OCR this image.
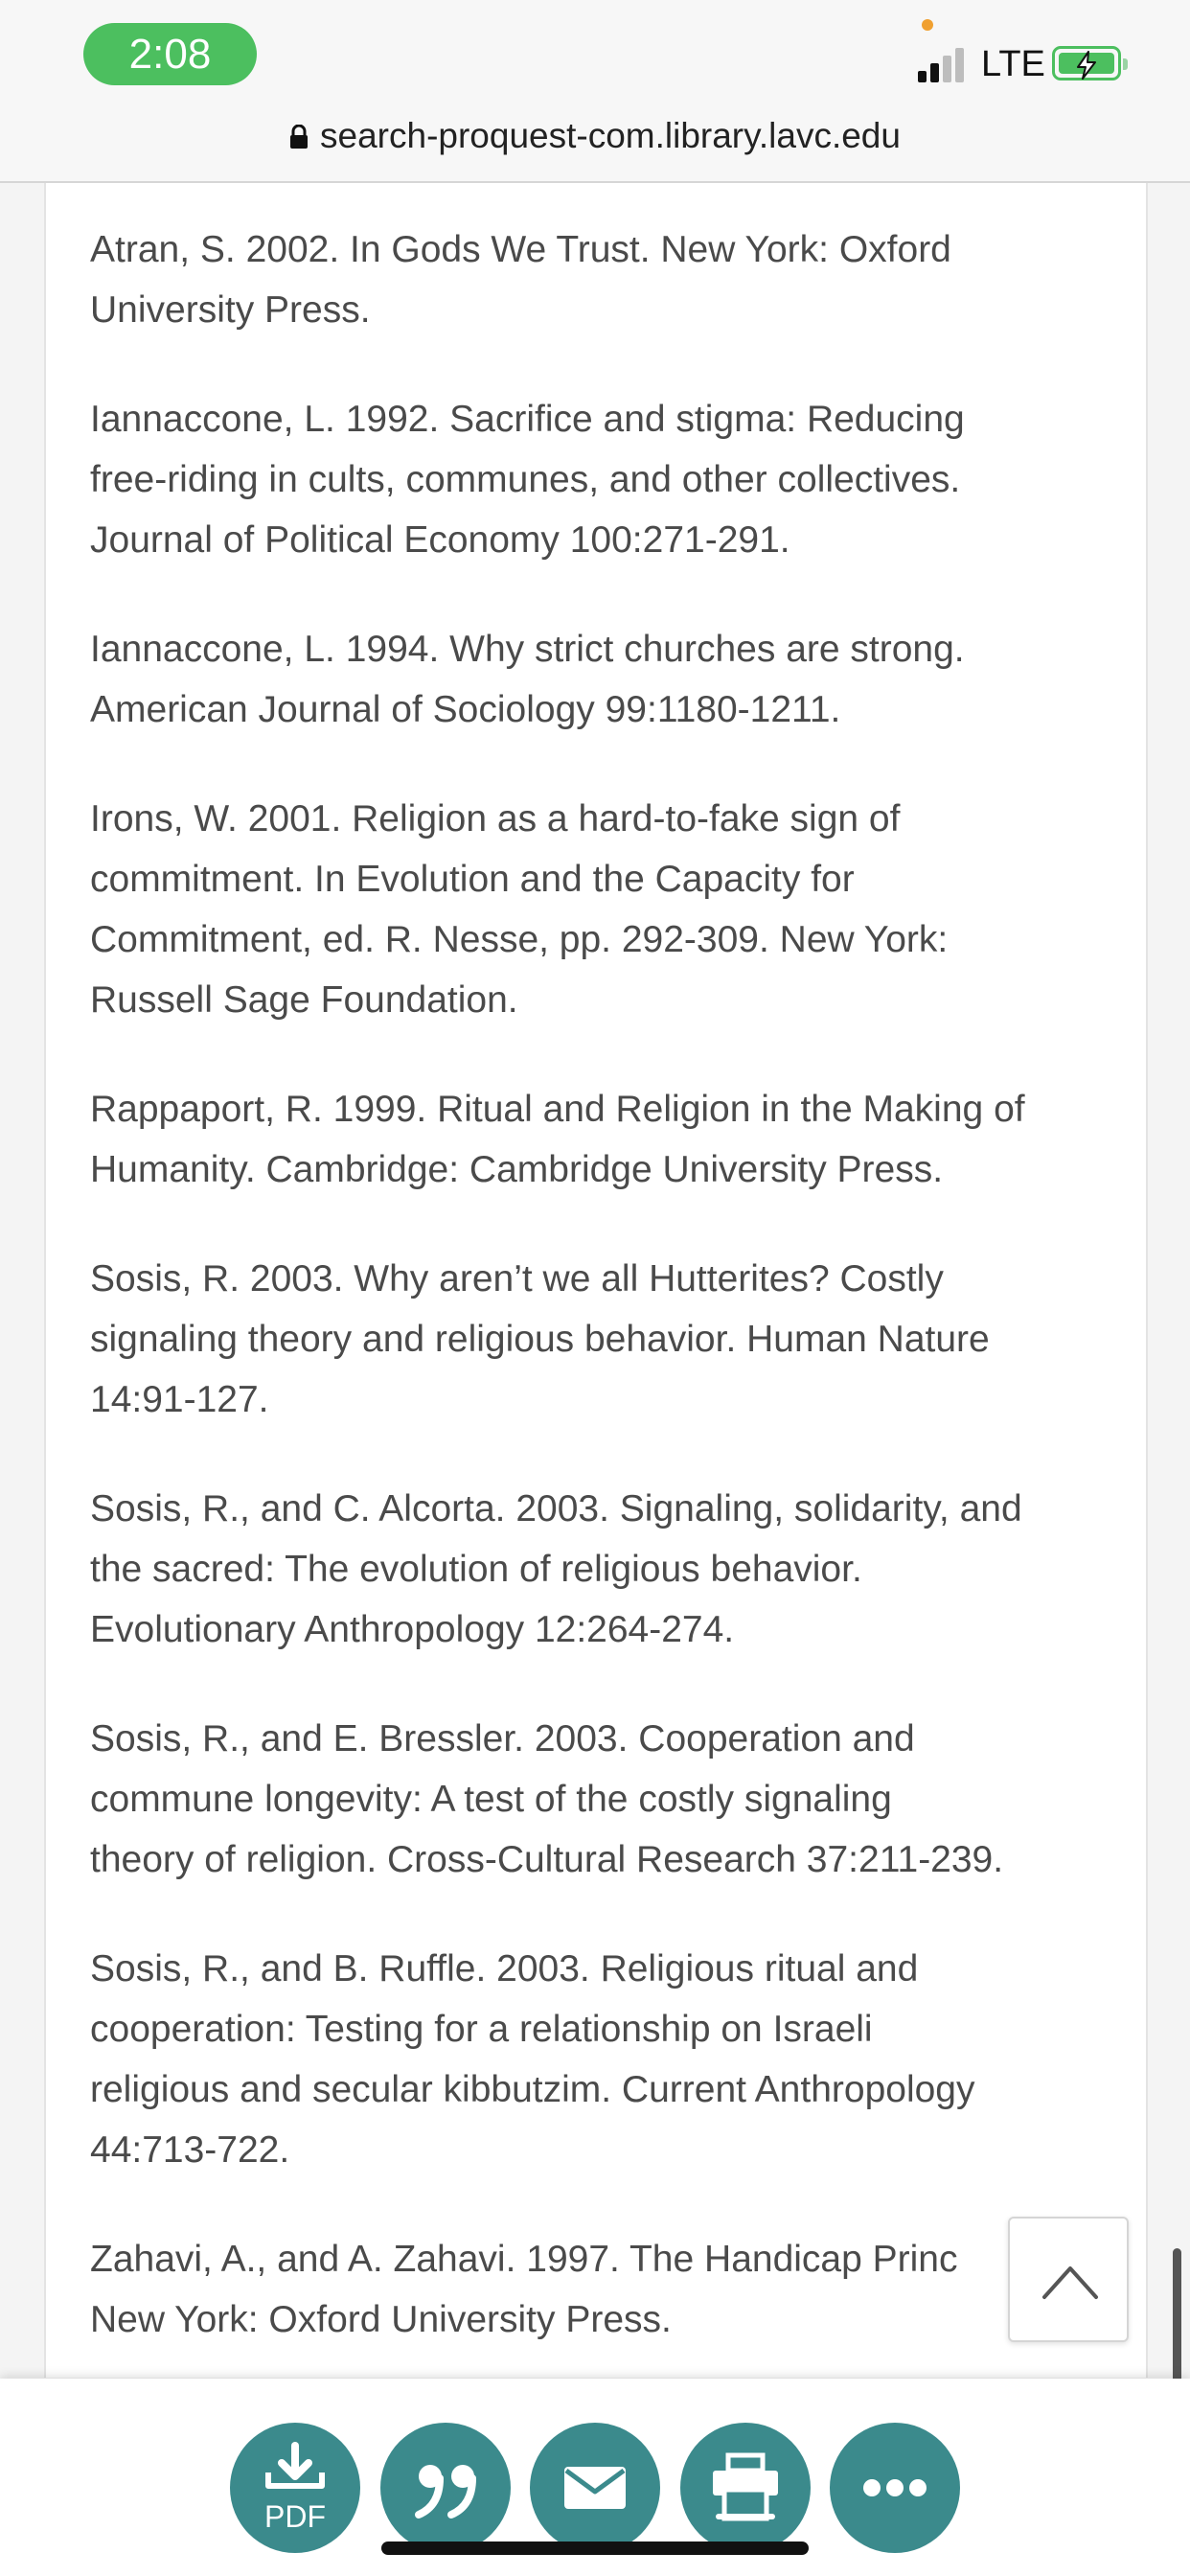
2:08	LTE
search-proquest-com.library.lavc.edu
Atran, S. 2002. In Gods We Trust. New York: Oxford
University Press.
Iannaccone, L. 1992. Sacrifice and stigma: Reducing
free-riding in cults, communes, and other collectives.
Journal of Political Economy 100:271-291.
Iannaccone, L. 1994. Why strict churches are strong.
American Journal of Sociology 99:1180-1211.
Irons, W. 2001. Religion as a hard-to-fake sign of
commitment. In Evolution and the Capacity for
Commitment, ed. R. Nesse, pp. 292-309. New York:
Russell Sage Foundation.
Rappaport, R. 1999. Ritual and Religion in the Making of
Humanity. Cambridge: Cambridge University Press.
Sosis, R. 2003. Why aren’t we all Hutterites? Costly
signaling theory and religious behavior. Human Nature
14:91-127.
Sosis, R., and C. Alcorta. 2003. Signaling, solidarity, and
the sacred: The evolution of religious behavior.
Evolutionary Anthropology 12:264-274.
Sosis, R., and E. Bressler. 2003. Cooperation and
commune longevity: A test of the costly signaling
theory of religion. Cross-Cultural Research 37:211-239.
Sosis, R., and B. Ruffle. 2003. Religious ritual and
cooperation: Testing for a relationship on Israeli
religious and secular kibbutzim. Current Anthropology
44:713-722.
Zahavi, A., and A. Zahavi. 1997. The Handicap Princ
New York: Oxford University Press.
PDF
